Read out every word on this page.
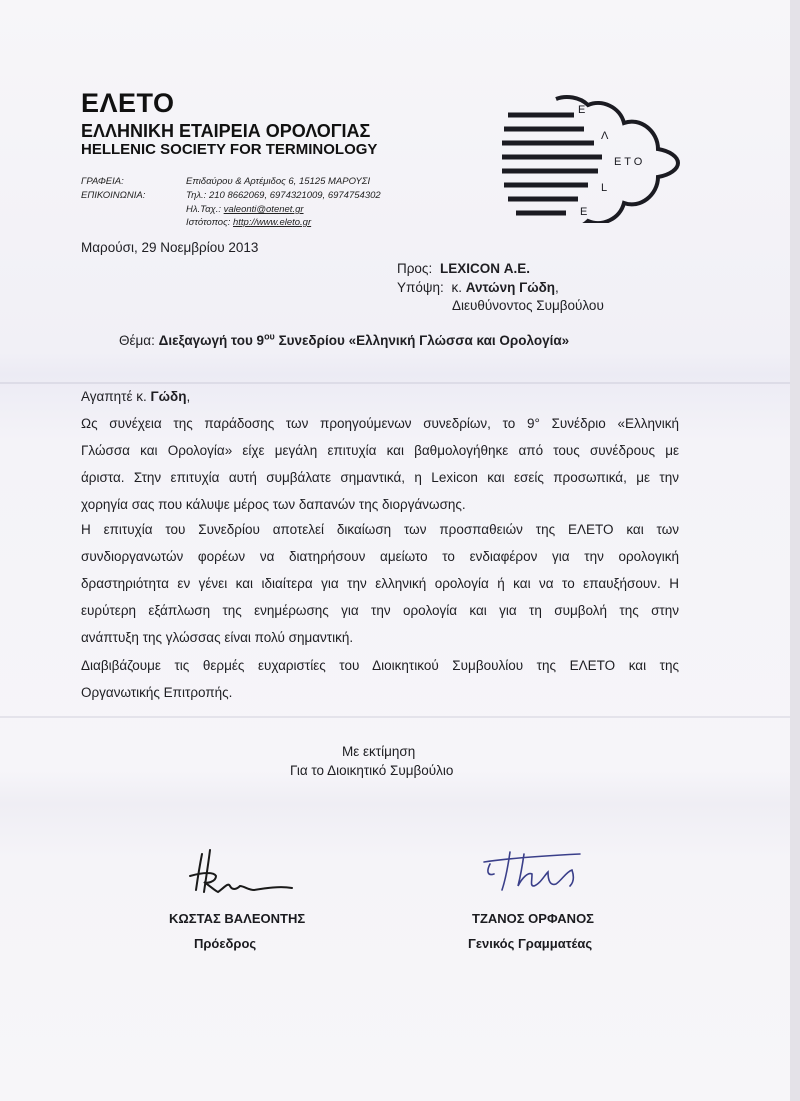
ΕΛΕΤΟ
ΕΛΛΗΝΙΚΗ ΕΤΑΙΡΕΙΑ ΟΡΟΛΟΓΙΑΣ
HELLENIC SOCIETY FOR TERMINOLOGY
ΓΡΑΦΕΙΑ:
ΕΠΙΚΟΙΝΩΝΙΑ:
Επιδαύρου & Αρτέμιδος 6, 15125 ΜΑΡΟΥΣΙ
Τηλ.: 210 8662069, 6974321009, 6974754302
Ηλ.Ταχ.: valeonti@otenet.gr
Ιστότοπος: http://www.eleto.gr
Ε
Λ
Ε Τ Ο
L
E
Μαρούσι, 29 Νοεμβρίου 2013
Προς: LEXICON Α.Ε.
Υπόψη: κ. Αντώνη Γώδη,
Διευθύνοντος Συμβούλου
Θέμα: Διεξαγωγή του $9^{o\upsilon}$ Συνεδρίου «Ελληνική Γλώσσα και Ορολογία»
Αγαπητέ κ. Γώδη,
Ως συνέχεια της παράδοσης των προηγούμενων συνεδρίων, το 9° Συνέδριο «Ελληνική
Γλώσσα και Ορολογία» είχε μεγάλη επιτυχία και βαθμολογήθηκε από τους συνέδρους με
άριστα. Στην επιτυχία αυτή συμβάλατε σημαντικά, η Lexicon και εσείς προσωπικά, με την
χορηγία σας που κάλυψε μέρος των δαπανών της διοργάνωσης.
Η επιτυχία του Συνεδρίου αποτελεί δικαίωση των προσπαθειών της ΕΛΕΤΟ και των
συνδιοργανωτών φορέων να διατηρήσουν αμείωτο το ενδιαφέρον για την ορολογική
δραστηριότητα εν γένει και ιδιαίτερα για την ελληνική ορολογία ή και να το επαυξήσουν. Η
ευρύτερη εξάπλωση της ενημέρωσης για την ορολογία και για τη συμβολή της στην
ανάπτυξη της γλώσσας είναι πολύ σημαντική.
Διαβιβάζουμε τις θερμές ευχαριστίες του Διοικητικού Συμβουλίου της ΕΛΕΤΟ και της
Οργανωτικής Επιτροπής.
Με εκτίμηση
Για το Διοικητικό Συμβούλιο
ΚΩΣΤΑΣ ΒΑΛΕΟΝΤΗΣ
Πρόεδρος
ΤΖΑΝΟΣ ΟΡΦΑΝΟΣ
Γενικός Γραμματέας
